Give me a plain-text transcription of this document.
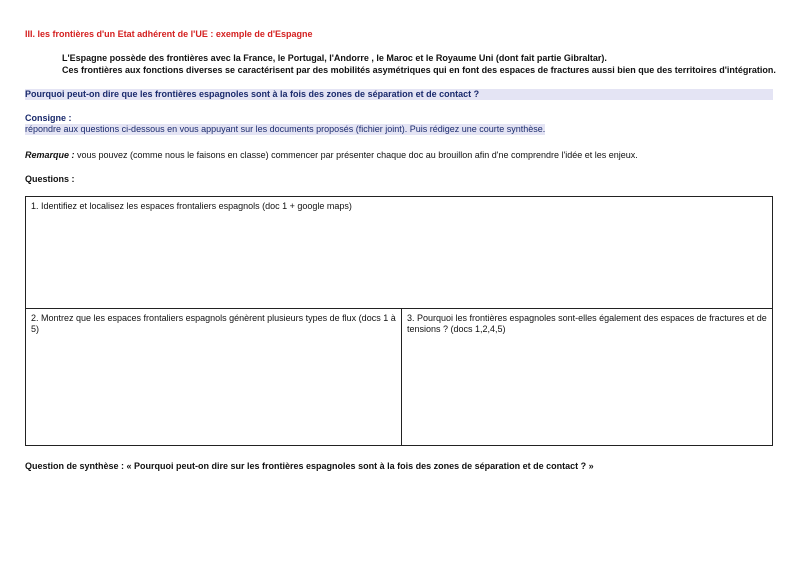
III. les frontières d'un Etat adhérent de l'UE : exemple de d'Espagne
L'Espagne possède des frontières avec la France, le Portugal, l'Andorre , le Maroc et le Royaume Uni (dont fait partie Gibraltar).
Ces frontières aux fonctions diverses se caractérisent par des mobilités asymétriques qui en font des espaces de fractures aussi bien que des territoires d'intégration.
Pourquoi peut-on dire que les frontières espagnoles sont à la fois des zones de séparation et de contact ?
Consigne :
répondre aux questions ci-dessous en vous appuyant sur les documents proposés (fichier joint). Puis rédigez une courte synthèse.
Remarque : vous pouvez (comme nous le faisons en classe) commencer par présenter chaque doc au brouillon afin d'ne comprendre l'idée et les enjeux.
Questions :
1. Identifiez et localisez les espaces frontaliers espagnols (doc 1 + google maps)
2. Montrez que les espaces frontaliers espagnols génèrent plusieurs types de flux (docs 1 à 5)
3. Pourquoi les frontières espagnoles sont-elles également des espaces de fractures et de tensions ? (docs 1,2,4,5)
Question de synthèse : « Pourquoi peut-on dire sur les frontières espagnoles sont à la fois des zones de séparation et de contact ? »
